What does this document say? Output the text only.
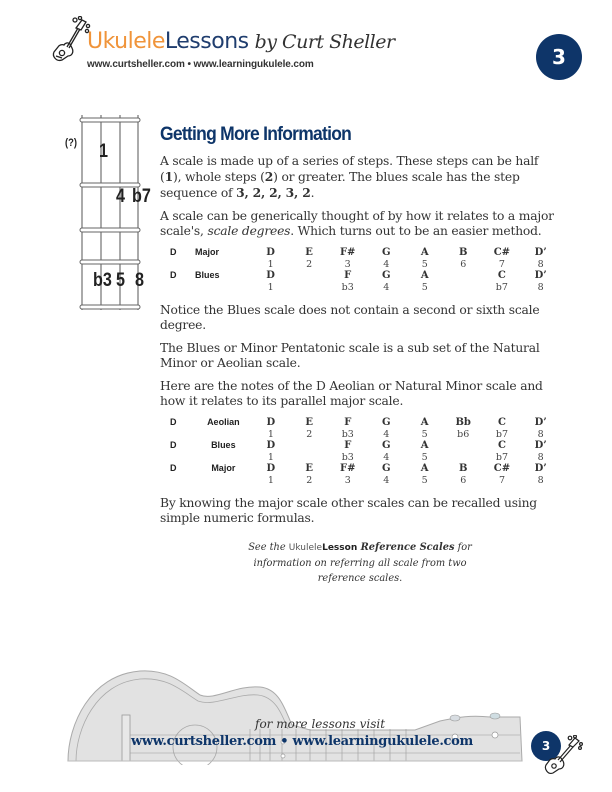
UkuleleLessons by Curt Sheller
www.curtsheller.com • www.learningukulele.com	3
(?) 1
4 b7
b3 5 8
Getting More Information

A scale is made up of a series of steps. These steps can be half (1), whole steps (2) or greater. The blues scale has the step sequence of 3, 2, 2, 3, 2.

A scale can be generically thought of by how it relates to a major scale's, scale degrees. Which turns out to be an easier method.

D	Major	D	E	F#	G	A	B	C#	D’
		1	2	3	4	5	6	7	8
D	Blues	D		F	G	A		C	D’
		1		b3	4	5		b7	8

Notice the Blues scale does not contain a second or sixth scale degree.

The Blues or Minor Pentatonic scale is a sub set of the Natural Minor or Aeolian scale.

Here are the notes of the D Aeolian or Natural Minor scale and how it relates to its parallel major scale.

D	Aeolian	D	E	F	G	A	Bb	C	D’
		1	2	b3	4	5	b6	b7	8
D	Blues	D		F	G	A		C	D’
		1		b3	4	5		b7	8
D	Major	D	E	F#	G	A	B	C#	D’
		1	2	3	4	5	6	7	8

By knowing the major scale other scales can be recalled using simple numeric formulas.

See the UkuleleLesson Reference Scales for information on referring all scale from two reference scales.
for more lessons visit
www.curtsheller.com • www.learningukulele.com	3
